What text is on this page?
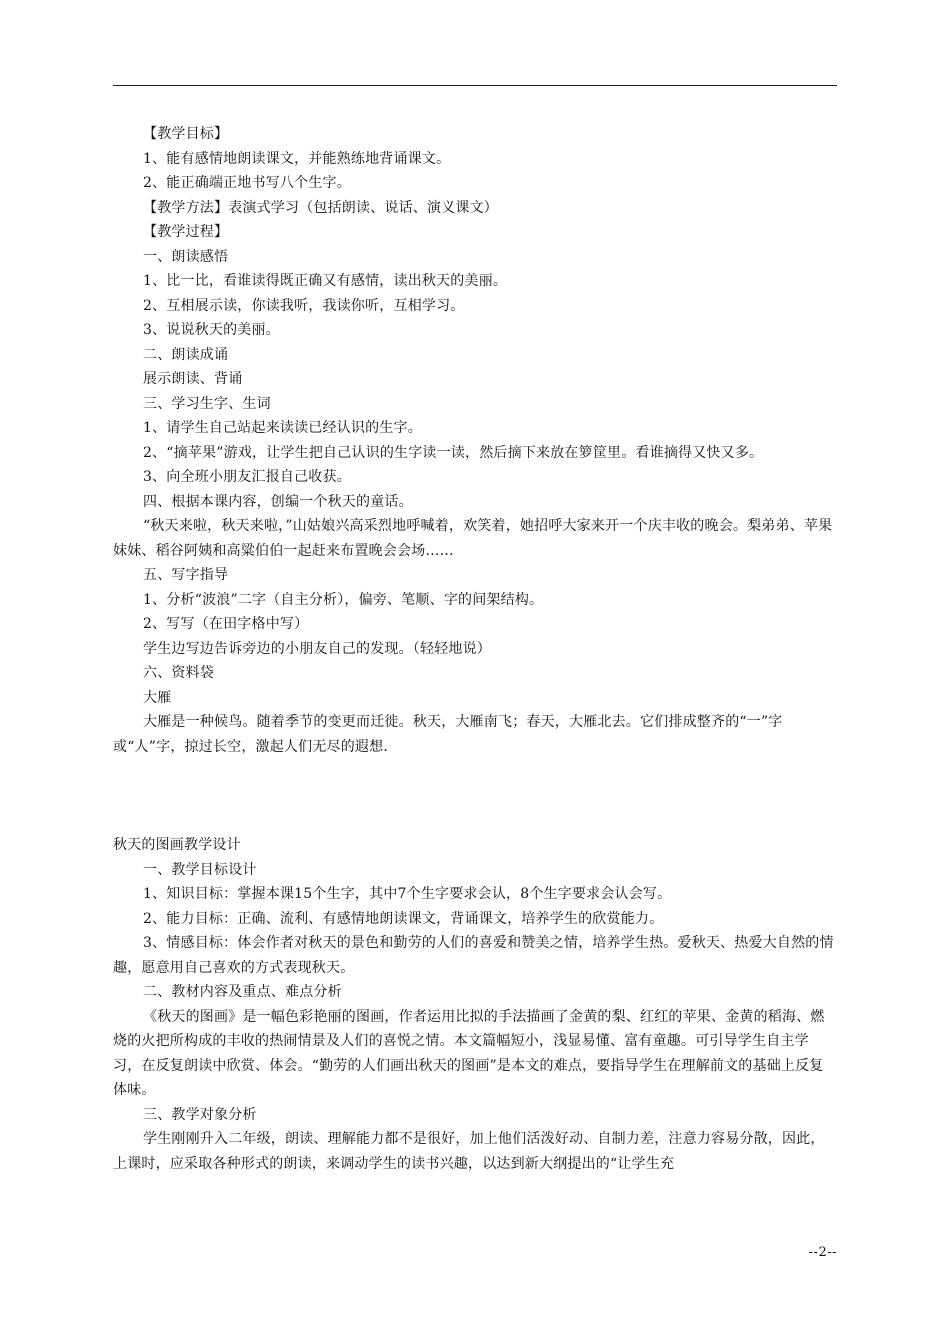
【教学目标】

1、能有感情地朗读课文，并能熟练地背诵课文。

2、能正确端正地书写八个生字。

【教学方法】表演式学习（包括朗读、说话、演义课文）

【教学过程】

一、朗读感悟

1、比一比，看谁读得既正确又有感情，读出秋天的美丽。

2、互相展示读，你读我听，我读你听，互相学习。

3、说说秋天的美丽。

二、朗读成诵

展示朗读、背诵

三、学习生字、生词

1、请学生自己站起来读读已经认识的生字。

2、“摘苹果”游戏，让学生把自己认识的生字读一读，然后摘下来放在箩筐里。看谁摘得又快又多。

3、向全班小朋友汇报自己收获。

四、根据本课内容，创编一个秋天的童话。

“秋天来啦，秋天来啦，”山姑娘兴高采烈地呼喊着，欢笑着，她招呼大家来开一个庆丰收的晚会。梨弟弟、苹果妹妹、稻谷阿姨和高粱伯伯一起赶来布置晚会会场……

五、写字指导

1、分析“波浪”二字（自主分析），偏旁、笔顺、字的间架结构。

2、写写（在田字格中写）

学生边写边告诉旁边的小朋友自己的发现。（轻轻地说）

六、资料袋

大雁

大雁是一种候鸟。随着季节的变更而迁徙。秋天，大雁南飞；春天，大雁北去。它们排成整齐的“一”字或“人”字，掠过长空，激起人们无尽的遐想.

秋天的图画教学设计

一、教学目标设计

1、知识目标：掌握本课15个生字，其中7个生字要求会认，8个生字要求会认会写。

2、能力目标：正确、流利、有感情地朗读课文，背诵课文，培养学生的欣赏能力。

3、情感目标：体会作者对秋天的景色和勤劳的人们的喜爱和赞美之情，培养学生热。爱秋天、热爱大自然的情趣，愿意用自己喜欢的方式表现秋天。

二、教材内容及重点、难点分析

《秋天的图画》是一幅色彩艳丽的图画，作者运用比拟的手法描画了金黄的梨、红红的苹果、金黄的稻海、燃烧的火把所构成的丰收的热闹情景及人们的喜悦之情。本文篇幅短小，浅显易懂、富有童趣。可引导学生自主学习，在反复朗读中欣赏、体会。“勤劳的人们画出秋天的图画”是本文的难点，要指导学生在理解前文的基础上反复体味。

三、教学对象分析

学生刚刚升入二年级，朗读、理解能力都不是很好，加上他们活泼好动、自制力差，注意力容易分散，因此，上课时，应采取各种形式的朗读，来调动学生的读书兴趣，以达到新大纲提出的“让学生充

--2--
